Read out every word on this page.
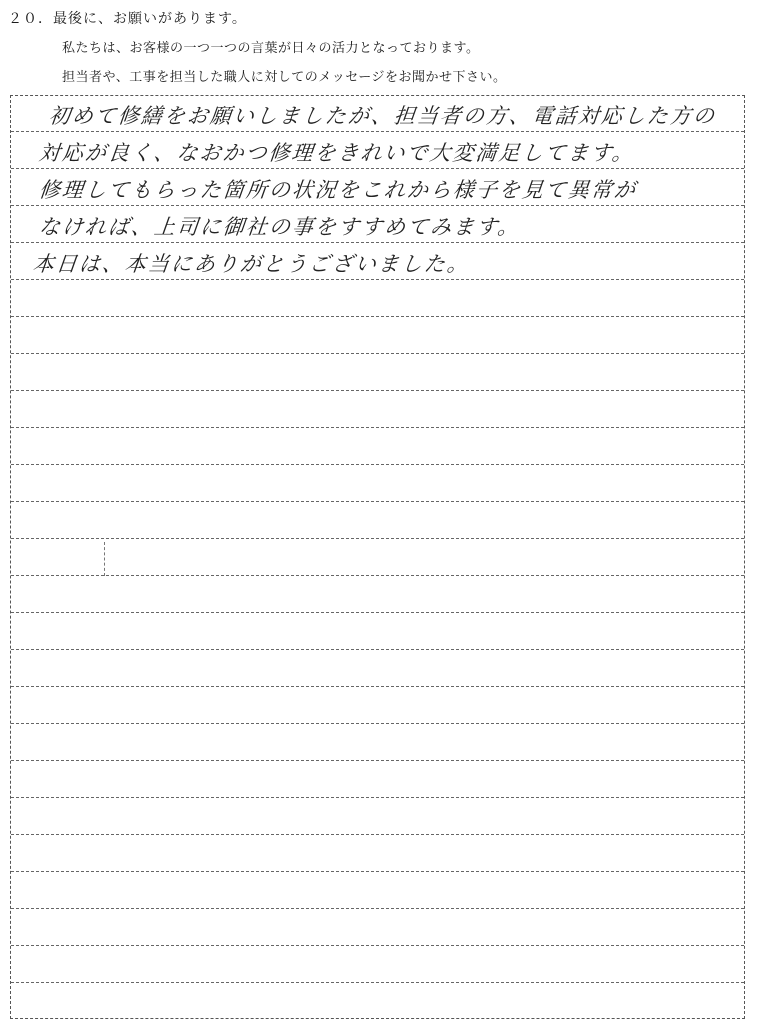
２０．最後に、お願いがあります。
私たちは、お客様の一つ一つの言葉が日々の活力となっております。
担当者や、工事を担当した職人に対してのメッセージをお聞かせ下さい。
初めて修繕をお願いしましたが、担当者の方、電話対応した方の
対応が良く、なおかつ修理をきれいで大変満足してます。
修理してもらった箇所の状況をこれから様子を見て異常が
なければ、上司に御社の事をすすめてみます。
本日は、本当にありがとうございました。
